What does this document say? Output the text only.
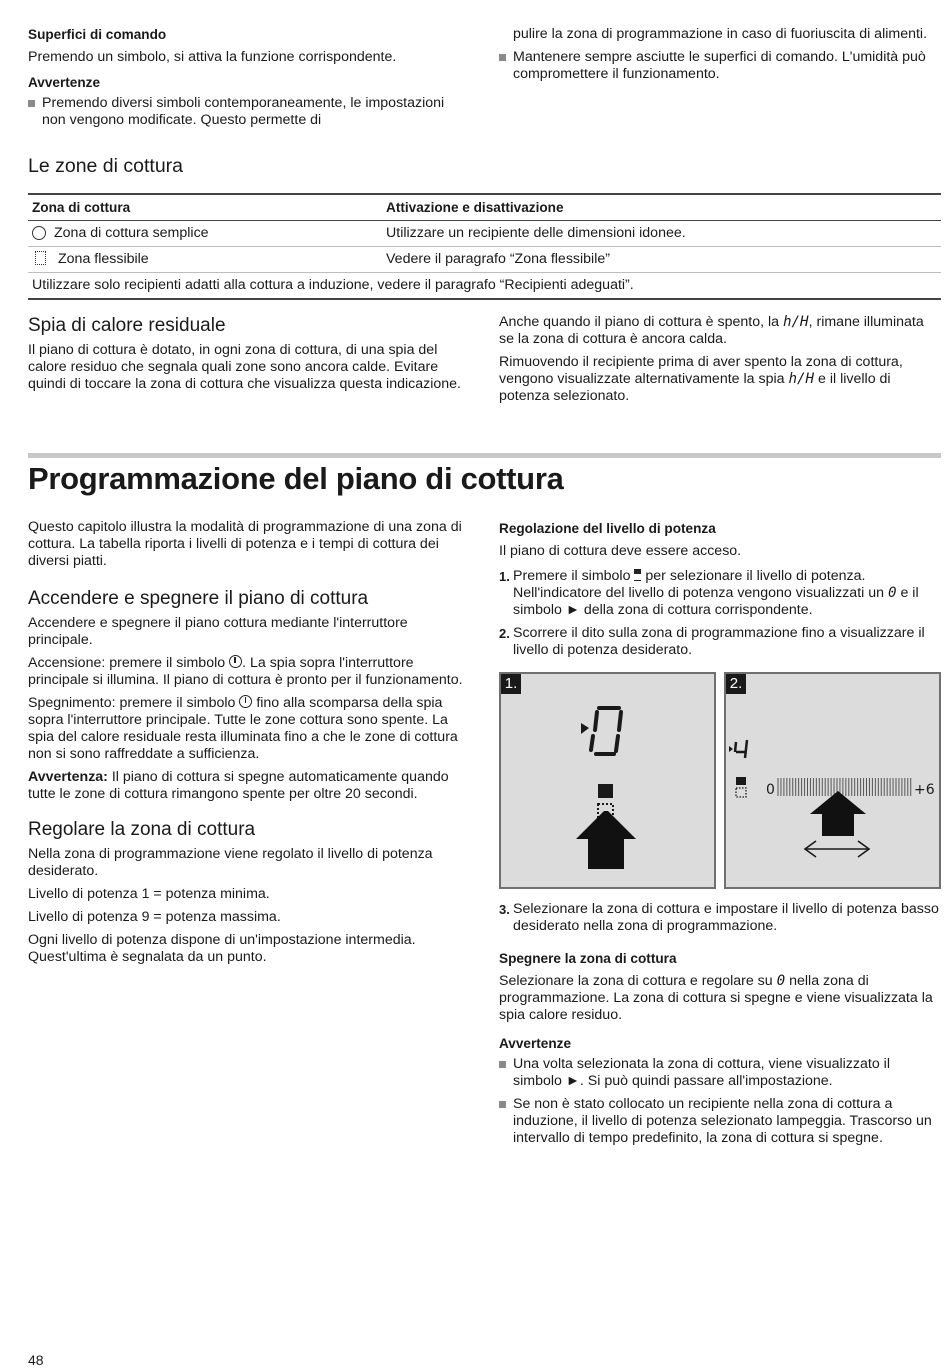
Superfici di comando

Premendo un simbolo, si attiva la funzione corrispondente.

Avvertenze

Premendo diversi simboli contemporaneamente, le impostazioni non vengono modificate. Questo permette di

pulire la zona di programmazione in caso di fuoriuscita di alimenti.

Mantenere sempre asciutte le superfici di comando. L'umidità può compromettere il funzionamento.

Le zone di cottura
Zona di cottura	Attivazione e disattivazione
Zona di cottura semplice	Utilizzare un recipiente delle dimensioni idonee.
Zona flessibile	Vedere il paragrafo “Zona flessibile”
Utilizzare solo recipienti adatti alla cottura a induzione, vedere il paragrafo “Recipienti adeguati”.	

Spia di calore residuale

Il piano di cottura è dotato, in ogni zona di cottura, di una spia del calore residuo che segnala quali zone sono ancora calde. Evitare quindi di toccare la zona di cottura che visualizza questa indicazione.

Anche quando il piano di cottura è spento, la h/H, rimane illuminata se la zona di cottura è ancora calda.

Rimuovendo il recipiente prima di aver spento la zona di cottura, vengono visualizzate alternativamente la spia h/H e il livello di potenza selezionato.

Programmazione del piano di cottura

Questo capitolo illustra la modalità di programmazione di una zona di cottura. La tabella riporta i livelli di potenza e i tempi di cottura dei diversi piatti.

Accendere e spegnere il piano di cottura

Accendere e spegnere il piano cottura mediante l'interruttore principale.

Accensione: premere il simbolo . La spia sopra l'interruttore principale si illumina. Il piano di cottura è pronto per il funzionamento.

Spegnimento: premere il simbolo fino alla scomparsa della spia sopra l'interruttore principale. Tutte le zone cottura sono spente. La spia del calore residuale resta illuminata fino a che le zone di cottura non si sono raffreddate a sufficienza.

Avvertenza: Il piano di cottura si spegne automaticamente quando tutte le zone di cottura rimangono spente per oltre 20 secondi.

Regolare la zona di cottura

Nella zona di programmazione viene regolato il livello di potenza desiderato.

Livello di potenza 1 = potenza minima.

Livello di potenza 9 = potenza massima.

Ogni livello di potenza dispone di un'impostazione intermedia. Quest'ultima è segnalata da un punto.

Regolazione del livello di potenza

Il piano di cottura deve essere acceso.

1. Premere il simbolo per selezionare il livello di potenza. Nell'indicatore del livello di potenza vengono visualizzati un 0 e il simbolo ► della zona di cottura corrispondente.

2. Scorrere il dito sulla zona di programmazione fino a visualizzare il livello di potenza desiderato.

1.	2.
0	+6

3. Selezionare la zona di cottura e impostare il livello di potenza basso desiderato nella zona di programmazione.

Spegnere la zona di cottura

Selezionare la zona di cottura e regolare su 0 nella zona di programmazione. La zona di cottura si spegne e viene visualizzata la spia calore residuo.

Avvertenze

Una volta selezionata la zona di cottura, viene visualizzato il simbolo ►. Si può quindi passare all'impostazione.

Se non è stato collocato un recipiente nella zona di cottura a induzione, il livello di potenza selezionato lampeggia. Trascorso un intervallo di tempo predefinito, la zona di cottura si spegne.

48
